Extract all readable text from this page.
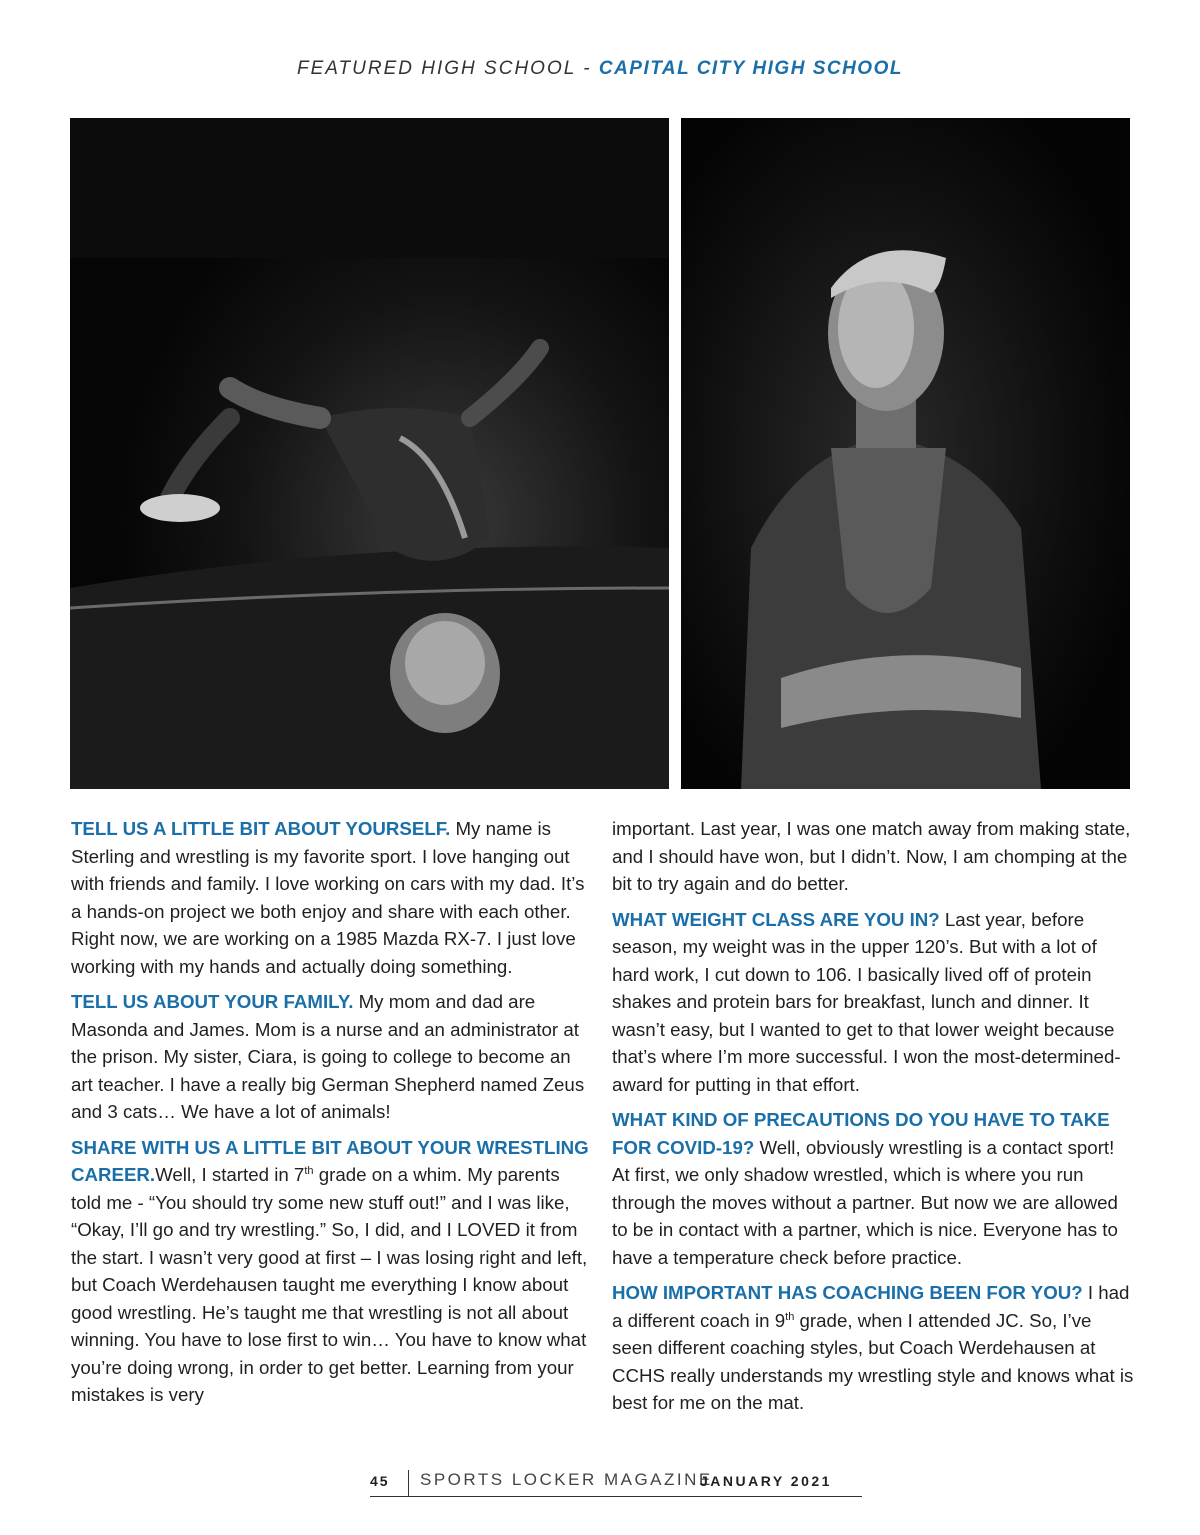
FEATURED HIGH SCHOOL - CAPITAL CITY HIGH SCHOOL

TELL US A LITTLE BIT ABOUT YOURSELF. My name is Sterling and wrestling is my favorite sport. I love hanging out with friends and family. I love working on cars with my dad. It’s a hands-on project we both enjoy and share with each other. Right now, we are working on a 1985 Mazda RX-7. I just love working with my hands and actually doing something.

TELL US ABOUT YOUR FAMILY. My mom and dad are Masonda and James. Mom is a nurse and an administrator at the prison. My sister, Ciara, is going to college to become an art teacher. I have a really big German Shepherd named Zeus and 3 cats… We have a lot of animals!

SHARE WITH US A LITTLE BIT ABOUT YOUR WRESTLING CAREER.Well, I started in 7th grade on a whim. My parents told me - “You should try some new stuff out!” and I was like, “Okay, I’ll go and try wrestling.” So, I did, and I LOVED it from the start. I wasn’t very good at first – I was losing right and left, but Coach Werdehausen taught me everything I know about good wrestling. He’s taught me that wrestling is not all about winning. You have to lose first to win… You have to know what you’re doing wrong, in order to get better. Learning from your mistakes is very

important. Last year, I was one match away from making state, and I should have won, but I didn’t. Now, I am chomping at the bit to try again and do better.

WHAT WEIGHT CLASS ARE YOU IN? Last year, before season, my weight was in the upper 120’s. But with a lot of hard work, I cut down to 106. I basically lived off of protein shakes and protein bars for breakfast, lunch and dinner. It wasn’t easy, but I wanted to get to that lower weight because that’s where I’m more successful. I won the most-determined-award for putting in that effort.

WHAT KIND OF PRECAUTIONS DO YOU HAVE TO TAKE FOR COVID-19? Well, obviously wrestling is a contact sport! At first, we only shadow wrestled, which is where you run through the moves without a partner. But now we are allowed to be in contact with a partner, which is nice. Everyone has to have a temperature check before practice.

HOW IMPORTANT HAS COACHING BEEN FOR YOU? I had a different coach in 9th grade, when I attended JC. So, I’ve seen different coaching styles, but Coach Werdehausen at CCHS really understands my wrestling style and knows what is best for me on the mat.

45 SPORTS LOCKER MAGAZINE
JANUARY 2021
